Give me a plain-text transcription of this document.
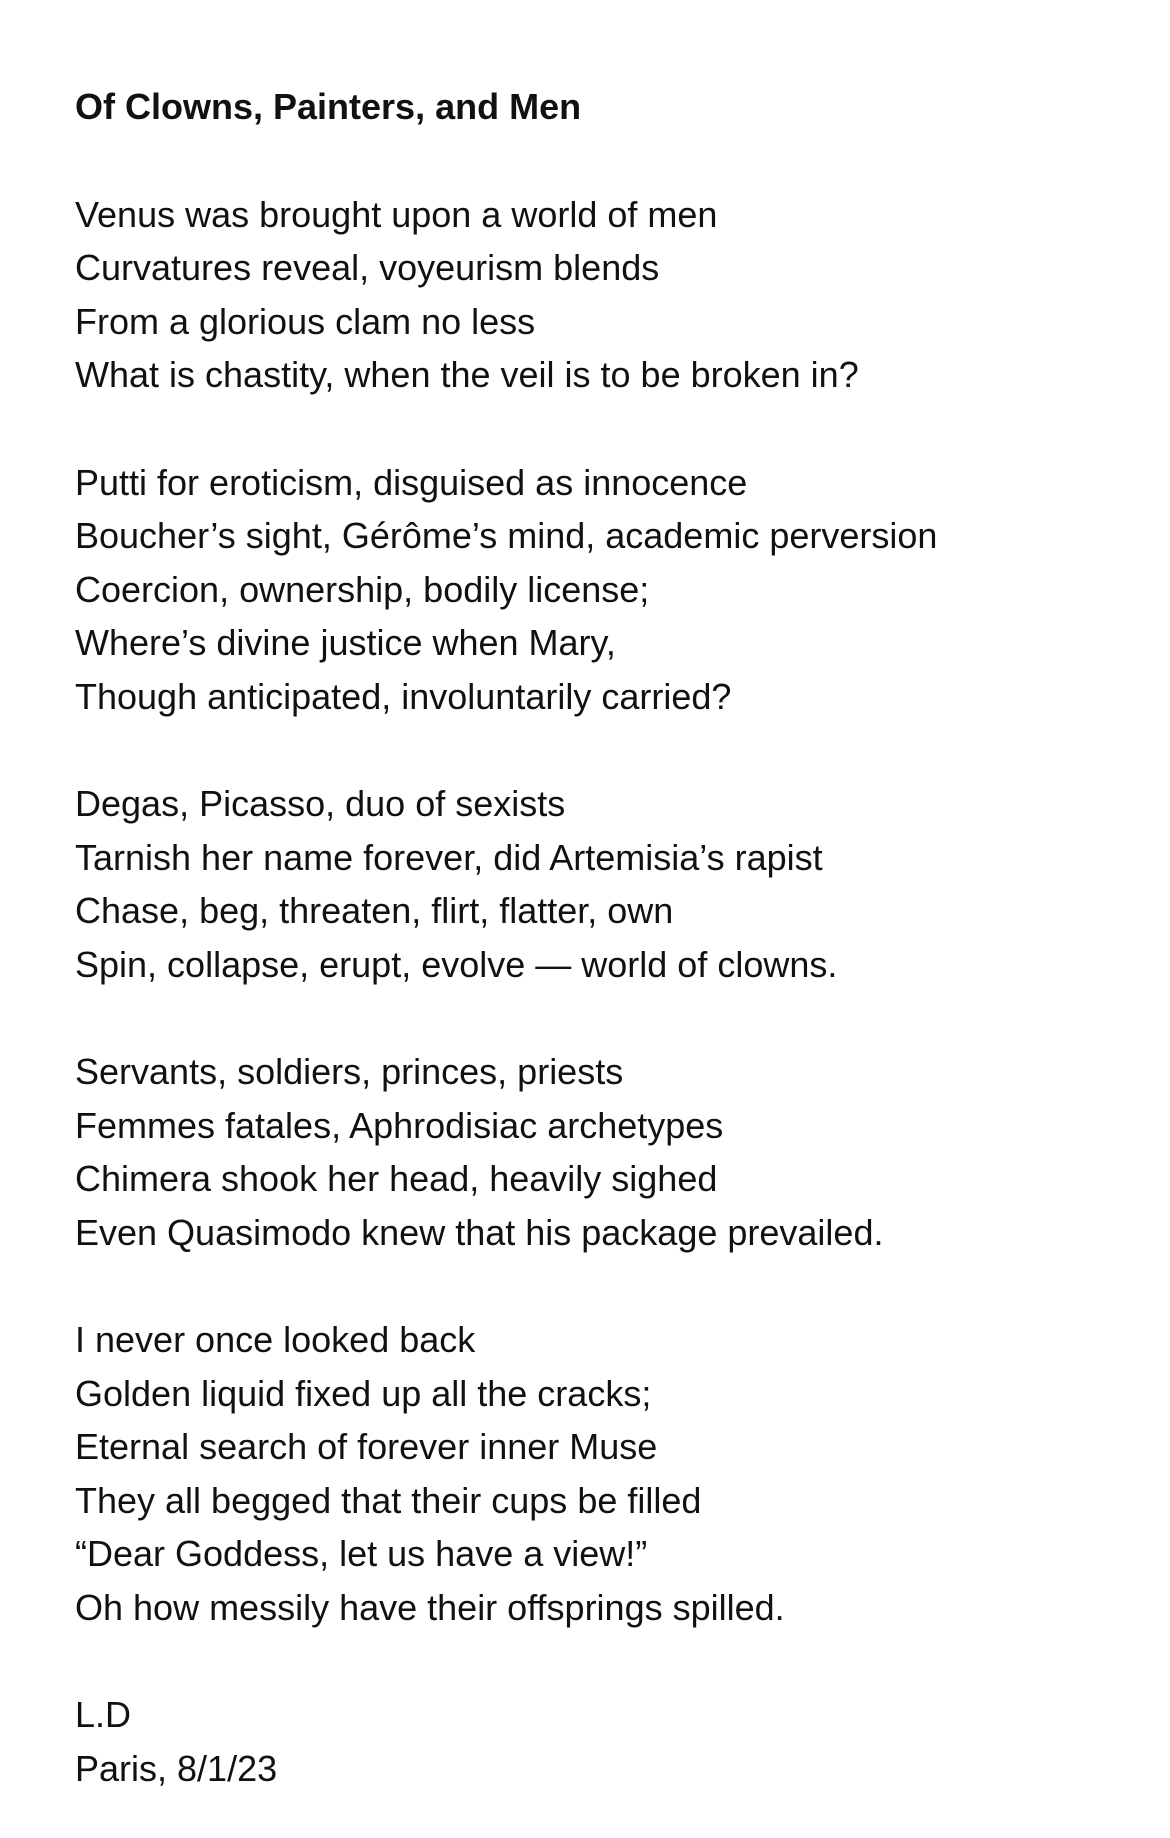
Of Clowns, Painters, and Men
Venus was brought upon a world of men
Curvatures reveal, voyeurism blends
From a glorious clam no less
What is chastity, when the veil is to be broken in?
Putti for eroticism, disguised as innocence
Boucher’s sight, Gérôme’s mind, academic perversion
Coercion, ownership, bodily license;
Where’s divine justice when Mary,
Though anticipated, involuntarily carried?
Degas, Picasso, duo of sexists
Tarnish her name forever, did Artemisia’s rapist
Chase, beg, threaten, flirt, flatter, own
Spin, collapse, erupt, evolve — world of clowns.
Servants, soldiers, princes, priests
Femmes fatales, Aphrodisiac archetypes
Chimera shook her head, heavily sighed
Even Quasimodo knew that his package prevailed.
I never once looked back
Golden liquid fixed up all the cracks;
Eternal search of forever inner Muse
They all begged that their cups be filled
“Dear Goddess, let us have a view!”
Oh how messily have their offsprings spilled.
L.D
Paris, 8/1/23
